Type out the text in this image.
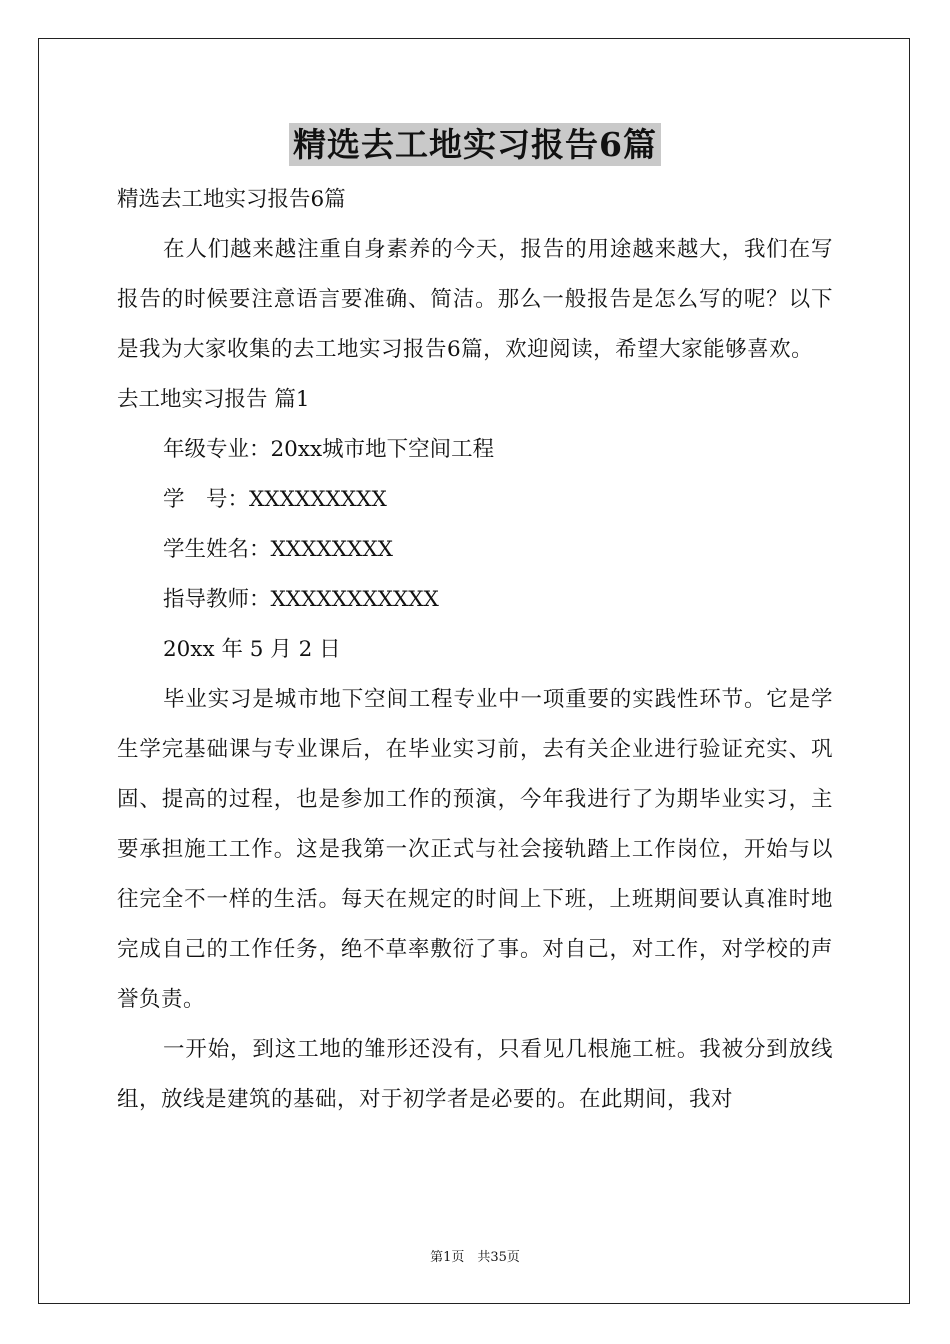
精选去工地实习报告6篇

精选去工地实习报告6篇

在人们越来越注重自身素养的今天，报告的用途越来越大，我们在写报告的时候要注意语言要准确、简洁。那么一般报告是怎么写的呢？以下是我为大家收集的去工地实习报告6篇，欢迎阅读，希望大家能够喜欢。

去工地实习报告 篇1

年级专业：20xx城市地下空间工程

学　号：XXXXXXXXX

学生姓名：XXXXXXXX

指导教师：XXXXXXXXXXX

20xx 年 5 月 2 日

毕业实习是城市地下空间工程专业中一项重要的实践性环节。它是学生学完基础课与专业课后，在毕业实习前，去有关企业进行验证充实、巩固、提高的过程，也是参加工作的预演，今年我进行了为期毕业实习，主要承担施工工作。这是我第一次正式与社会接轨踏上工作岗位，开始与以往完全不一样的生活。每天在规定的时间上下班，上班期间要认真准时地完成自己的工作任务，绝不草率敷衍了事。对自己，对工作，对学校的声誉负责。

一开始，到这工地的雏形还没有，只看见几根施工桩。我被分到放线组，放线是建筑的基础，对于初学者是必要的。在此期间，我对

第1页　共35页
